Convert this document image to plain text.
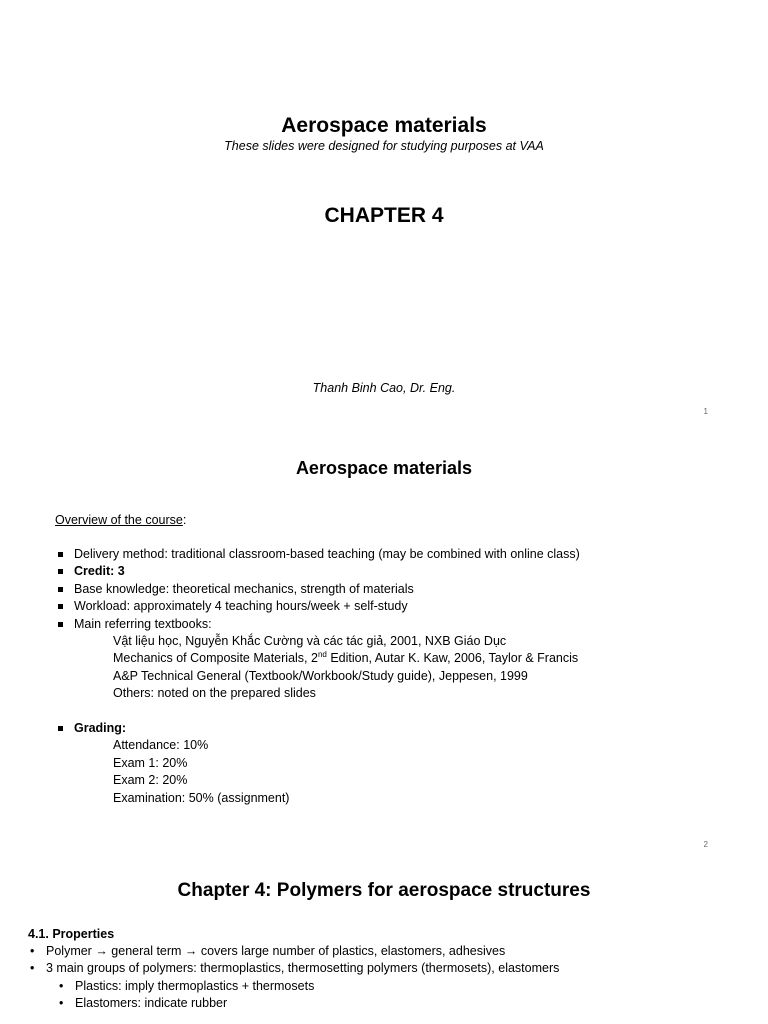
Aerospace materials
These slides were designed for studying purposes at VAA
CHAPTER 4
Thanh Binh Cao, Dr. Eng.
1
Aerospace materials
Overview of the course:
Delivery method: traditional classroom-based teaching (may be combined with online class)
Credit: 3
Base knowledge: theoretical mechanics, strength of materials
Workload: approximately 4 teaching hours/week + self-study
Main referring textbooks:
Vật liệu học, Nguyễn Khắc Cường và các tác giả, 2001, NXB Giáo Dục
Mechanics of Composite Materials, 2nd Edition, Autar K. Kaw, 2006, Taylor & Francis
A&P Technical General (Textbook/Workbook/Study guide), Jeppesen, 1999
Others: noted on the prepared slides
Grading:
Attendance: 10%
Exam 1: 20%
Exam 2: 20%
Examination: 50% (assignment)
2
Chapter 4: Polymers for aerospace structures
4.1. Properties
• Polymer → general term → covers large number of plastics, elastomers, adhesives
• 3 main groups of polymers: thermoplastics, thermosetting polymers (thermosets), elastomers
• Plastics: imply thermoplastics + thermosets
• Elastomers: indicate rubber
